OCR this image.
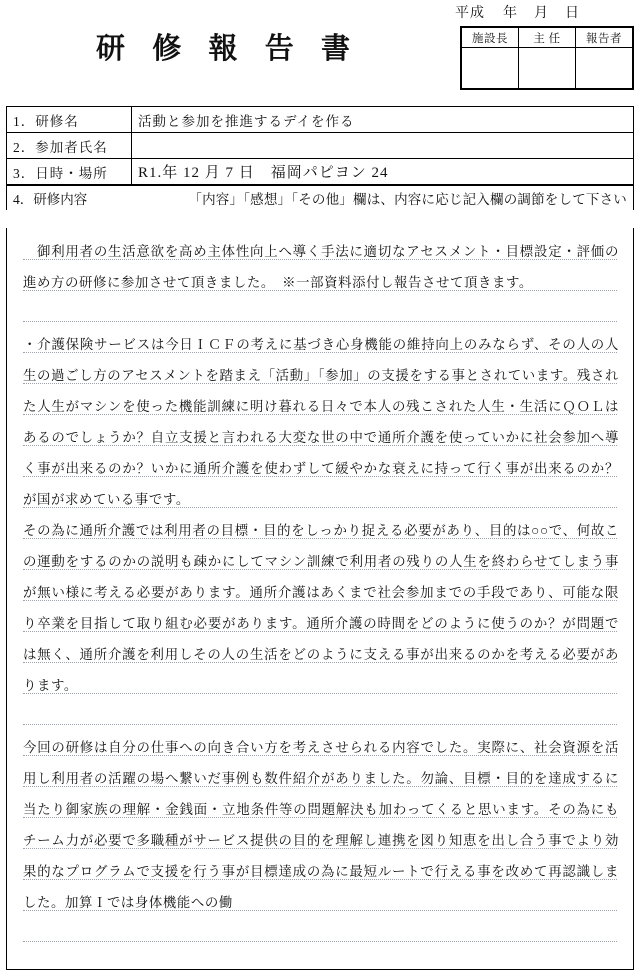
平成 年 月 日
研 修 報 告 書	施設長	主 任	報告者

1．研修名	活動と参加を推進するデイを作る
2．参加者氏名	
3．日時・場所	R1.年 12 月 7 日　福岡パピヨン 24
4．研修内容	「内容」「感想」「その他」欄は、内容に応じ記入欄の調節をして下さい
御利用者の生活意欲を高め主体性向上へ導く手法に適切なアセスメント・目標設定・評価の進め方の研修に参加させて頂きました。　※一部資料添付し報告させて頂きます。
・介護保険サービスは今日ＩＣＦの考えに基づき心身機能の維持向上のみならず、その人の人生の過ごし方のアセスメントを踏まえ「活動」「参加」の支援をする事とされています。残された人生がマシンを使った機能訓練に明け暮れる日々で本人の残こされた人生・生活にＱＯＬはあるのでしょうか？自立支援と言われる大変な世の中で通所介護を使っていかに社会参加へ導く事が出来るのか？いかに通所介護を使わずして緩やかな衰えに持って行く事が出来るのか？が国が求めている事です。
その為に通所介護では利用者の目標・目的をしっかり捉える必要があり、目的は○○で、何故この運動をするのかの説明も疎かにしてマシン訓練で利用者の残りの人生を終わらせてしまう事が無い様に考える必要があります。通所介護はあくまで社会参加までの手段であり、可能な限り卒業を目指して取り組む必要があります。通所介護の時間をどのように使うのか？が問題では無く、通所介護を利用しその人の生活をどのように支える事が出来るのかを考える必要があります。
今回の研修は自分の仕事への向き合い方を考えさせられる内容でした。実際に、社会資源を活用し利用者の活躍の場へ繋いだ事例も数件紹介がありました。勿論、目標・目的を達成するに当たり御家族の理解・金銭面・立地条件等の問題解決も加わってくると思います。その為にもチーム力が必要で多職種がサービス提供の目的を理解し連携を図り知恵を出し合う事でより効果的なプログラムで支援を行う事が目標達成の為に最短ルートで行える事を改めて再認識しました。加算Ｉでは身体機能への働
